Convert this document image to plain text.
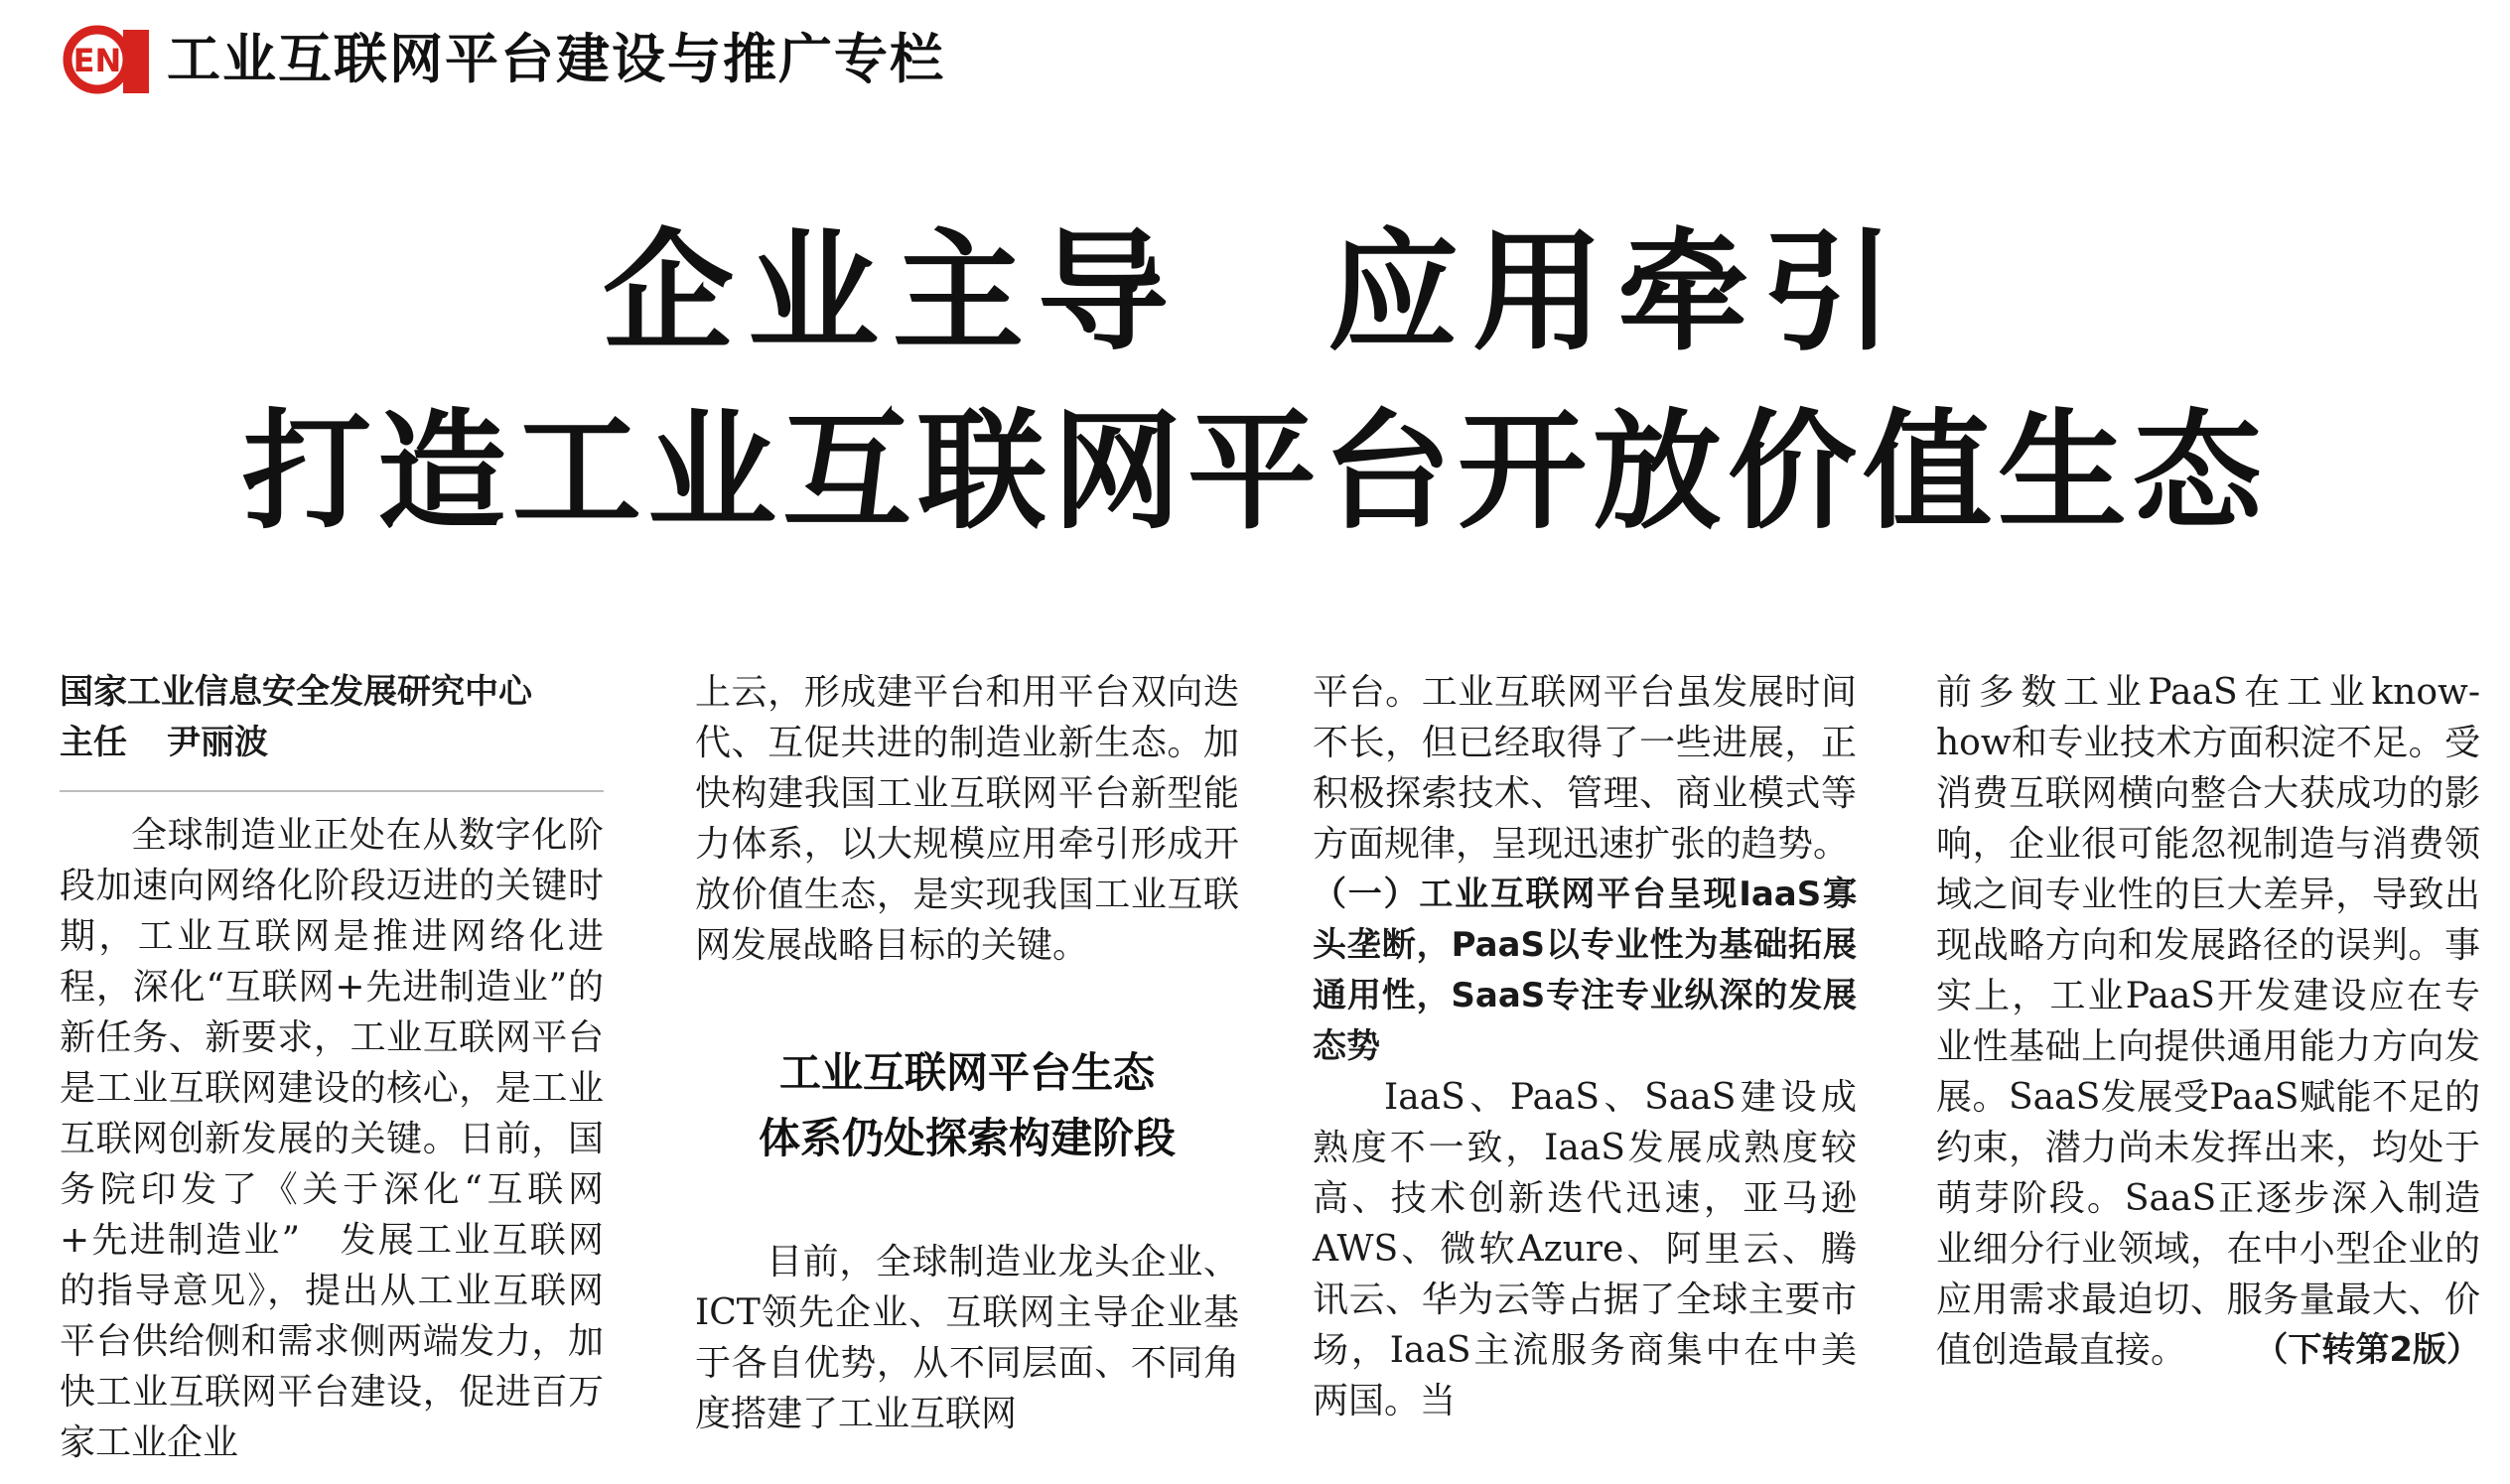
EN 工业互联网平台建设与推广专栏
企业主导　应用牵引
打造工业互联网平台开放价值生态

国家工业信息安全发展研究中心

主任 尹丽波

全球制造业正处在从数字化阶段加速向网络化阶段迈进的关键时期，工业互联网是推进网络化进程，深化“互联网+先进制造业”的新任务、新要求，工业互联网平台是工业互联网建设的核心，是工业互联网创新发展的关键。日前，国务院印发了《关于深化“互联网+先进制造业”　发展工业互联网的指导意见》，提出从工业互联网平台供给侧和需求侧两端发力，加快工业互联网平台建设，促进百万家工业企业

上云，形成建平台和用平台双向迭代、互促共进的制造业新生态。加快构建我国工业互联网平台新型能力体系，以大规模应用牵引形成开放价值生态，是实现我国工业互联网发展战略目标的关键。

工业互联网平台生态
体系仍处探索构建阶段

目前，全球制造业龙头企业、ICT领先企业、互联网主导企业基于各自优势，从不同层面、不同角度搭建了工业互联网

平台。工业互联网平台虽发展时间不长，但已经取得了一些进展，正积极探索技术、管理、商业模式等方面规律，呈现迅速扩张的趋势。

（一）工业互联网平台呈现IaaS寡头垄断，PaaS以专业性为基础拓展通用性，SaaS专注专业纵深的发展态势

IaaS、PaaS、SaaS建设成熟度不一致，IaaS发展成熟度较高、技术创新迭代迅速，亚马逊AWS、微软Azure、阿里云、腾讯云、华为云等占据了全球主要市场，IaaS主流服务商集中在中美两国。当

前多数工业PaaS在工业know-how和专业技术方面积淀不足。受消费互联网横向整合大获成功的影响，企业很可能忽视制造与消费领域之间专业性的巨大差异，导致出现战略方向和发展路径的误判。事实上，工业PaaS开发建设应在专业性基础上向提供通用能力方向发展。SaaS发展受PaaS赋能不足的约束，潜力尚未发挥出来，均处于萌芽阶段。SaaS正逐步深入制造业细分行业领域，在中小型企业的应用需求最迫切、服务量最大、价值创造最直接。 （下转第2版）
